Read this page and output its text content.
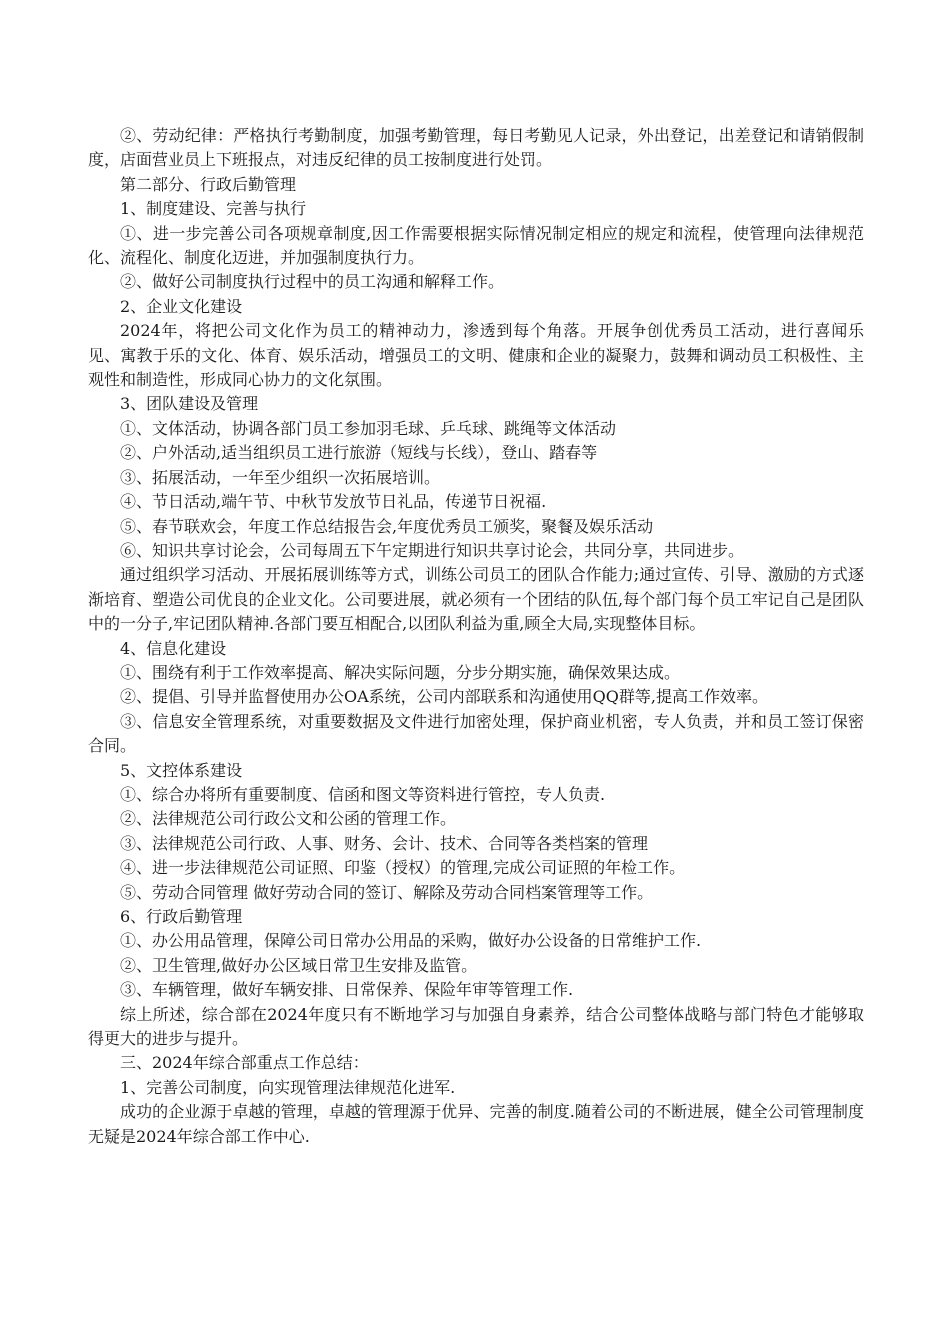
②、劳动纪律：严格执行考勤制度，加强考勤管理，每日考勤见人记录，外出登记，出差登记和请销假制度，店面营业员上下班报点，对违反纪律的员工按制度进行处罚。

第二部分、行政后勤管理

1、制度建设、完善与执行

①、进一步完善公司各项规章制度,因工作需要根据实际情况制定相应的规定和流程，使管理向法律规范化、流程化、制度化迈进，并加强制度执行力。

②、做好公司制度执行过程中的员工沟通和解释工作。

2、企业文化建设

2024年，将把公司文化作为员工的精神动力，渗透到每个角落。开展争创优秀员工活动，进行喜闻乐见、寓教于乐的文化、体育、娱乐活动，增强员工的文明、健康和企业的凝聚力，鼓舞和调动员工积极性、主观性和制造性，形成同心协力的文化氛围。

3、团队建设及管理

①、文体活动，协调各部门员工参加羽毛球、乒乓球、跳绳等文体活动

②、户外活动,适当组织员工进行旅游（短线与长线），登山、踏春等

③、拓展活动，一年至少组织一次拓展培训。

④、节日活动,端午节、中秋节发放节日礼品，传递节日祝福.

⑤、春节联欢会，年度工作总结报告会,年度优秀员工颁奖，聚餐及娱乐活动

⑥、知识共享讨论会，公司每周五下午定期进行知识共享讨论会，共同分享，共同进步。

通过组织学习活动、开展拓展训练等方式，训练公司员工的团队合作能力;通过宣传、引导、激励的方式逐渐培育、塑造公司优良的企业文化。公司要进展，就必须有一个团结的队伍,每个部门每个员工牢记自己是团队中的一分子,牢记团队精神.各部门要互相配合,以团队利益为重,顾全大局,实现整体目标。

4、信息化建设

①、围绕有利于工作效率提高、解决实际问题，分步分期实施，确保效果达成。

②、提倡、引导并监督使用办公OA系统，公司内部联系和沟通使用QQ群等,提高工作效率。

③、信息安全管理系统，对重要数据及文件进行加密处理，保护商业机密，专人负责，并和员工签订保密合同。

5、文控体系建设

①、综合办将所有重要制度、信函和图文等资料进行管控，专人负责.

②、法律规范公司行政公文和公函的管理工作。

③、法律规范公司行政、人事、财务、会计、技术、合同等各类档案的管理

④、进一步法律规范公司证照、印鉴（授权）的管理,完成公司证照的年检工作。

⑤、劳动合同管理 做好劳动合同的签订、解除及劳动合同档案管理等工作。

6、行政后勤管理

①、办公用品管理，保障公司日常办公用品的采购，做好办公设备的日常维护工作.

②、卫生管理,做好办公区域日常卫生安排及监管。

③、车辆管理，做好车辆安排、日常保养、保险年审等管理工作.

综上所述，综合部在2024年度只有不断地学习与加强自身素养，结合公司整体战略与部门特色才能够取得更大的进步与提升。

三、2024年综合部重点工作总结：

1、完善公司制度，向实现管理法律规范化进军.

成功的企业源于卓越的管理，卓越的管理源于优异、完善的制度.随着公司的不断进展，健全公司管理制度无疑是2024年综合部工作中心.
